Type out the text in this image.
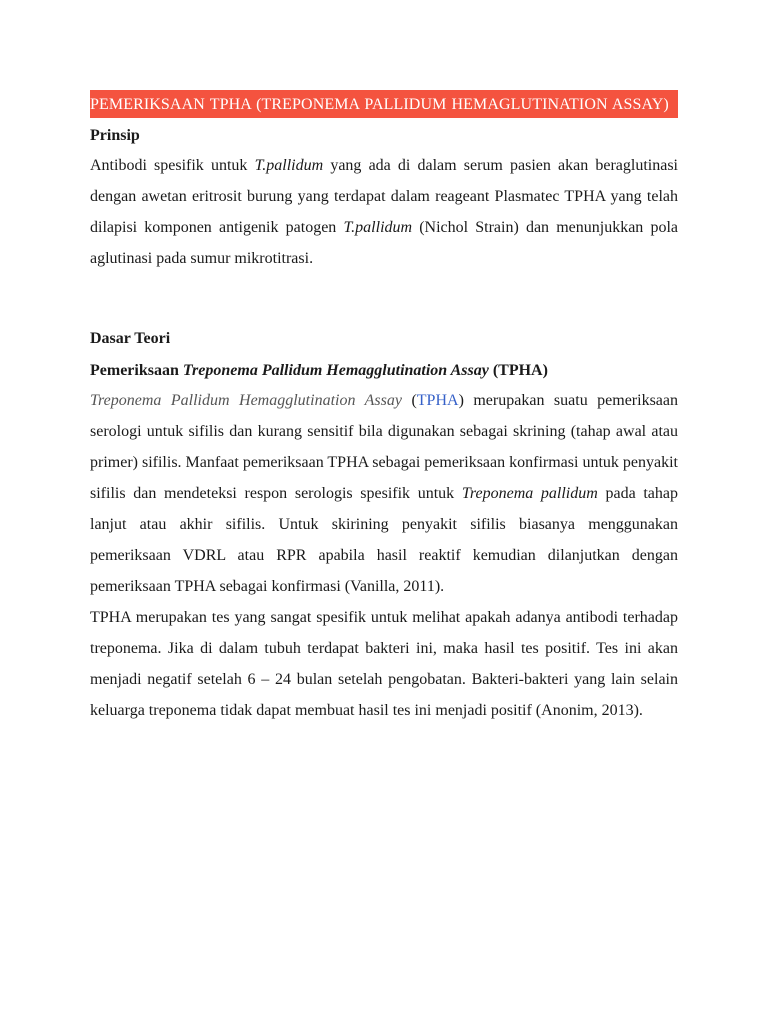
PEMERIKSAAN TPHA (TREPONEMA PALLIDUM HEMAGLUTINATION ASSAY)

Prinsip

Antibodi spesifik untuk T.pallidum yang ada di dalam serum pasien akan beraglutinasi dengan awetan eritrosit burung yang terdapat dalam reageant Plasmatec TPHA yang telah dilapisi komponen antigenik patogen T.pallidum (Nichol Strain) dan menunjukkan pola aglutinasi pada sumur mikrotitrasi.

Dasar Teori

Pemeriksaan Treponema Pallidum Hemagglutination Assay (TPHA)

Treponema Pallidum Hemagglutination Assay (TPHA) merupakan suatu pemeriksaan serologi untuk sifilis dan kurang sensitif bila digunakan sebagai skrining (tahap awal atau primer) sifilis. Manfaat pemeriksaan TPHA sebagai pemeriksaan konfirmasi untuk penyakit sifilis dan mendeteksi respon serologis spesifik untuk Treponema pallidum pada tahap lanjut atau akhir sifilis. Untuk skirining penyakit sifilis biasanya menggunakan pemeriksaan VDRL atau RPR apabila hasil reaktif kemudian dilanjutkan dengan pemeriksaan TPHA sebagai konfirmasi (Vanilla, 2011).

TPHA merupakan tes yang sangat spesifik untuk melihat apakah adanya antibodi terhadap treponema. Jika di dalam tubuh terdapat bakteri ini, maka hasil tes positif. Tes ini akan menjadi negatif setelah 6 – 24 bulan setelah pengobatan. Bakteri-bakteri yang lain selain keluarga treponema tidak dapat membuat hasil tes ini menjadi positif (Anonim, 2013).
